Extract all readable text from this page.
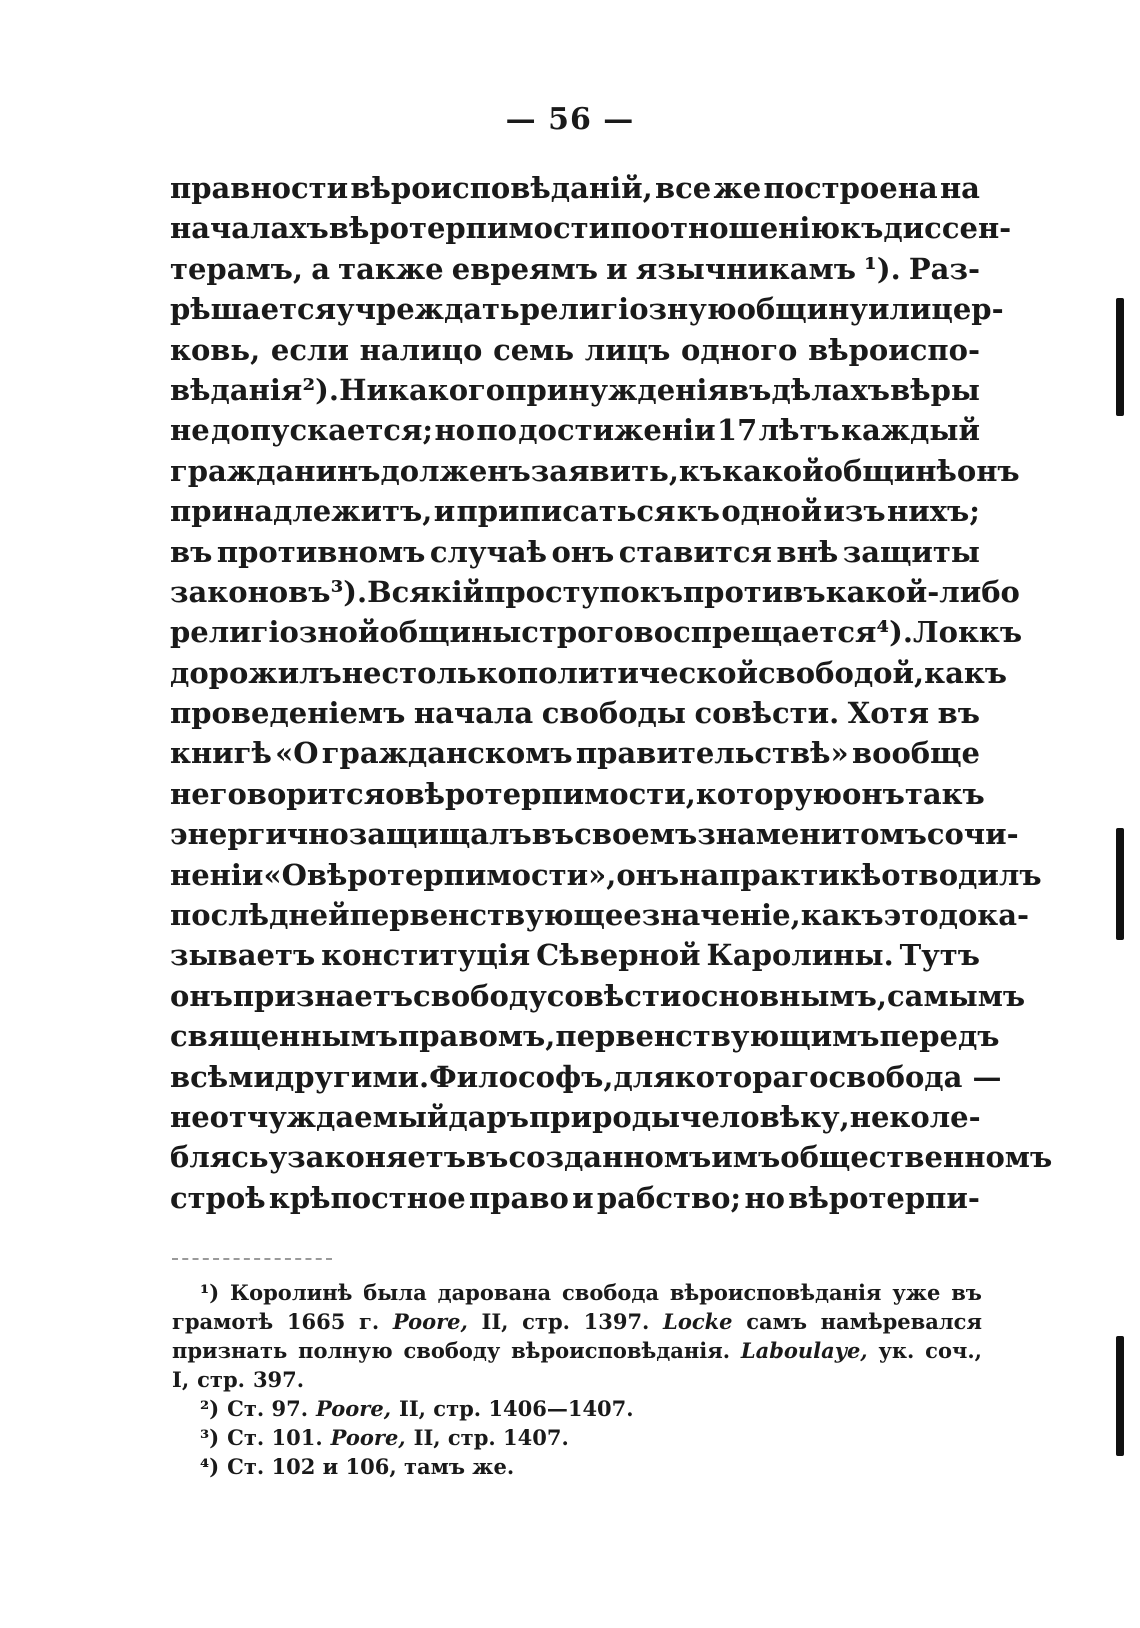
— 56 —
правности вѣроисповѣданій, все же построена на
началахъ вѣротерпимости по отношенію къ диссен-
терамъ, а также евреямъ и язычникамъ ¹). Раз-
рѣшается учреждать религіозную общину или цер-
ковь, если налицо семь лицъ одного вѣроиспо-
вѣданія ²). Никакого принужденія въ дѣлахъ вѣры
не допускается; но по достиженіи 17 лѣтъ каждый
гражданинъ долженъ заявить, къ какой общинѣ онъ
принадлежитъ, и приписаться къ одной изъ нихъ;
въ противномъ случаѣ онъ ставится внѣ защиты
законовъ ³). Всякій проступокъ противъ какой-либо
религіозной общины строго воспрещается ⁴). Локкъ
дорожилъ не столько политической свободой, какъ
проведеніемъ начала свободы совѣсти. Хотя въ
книгѣ «О гражданскомъ правительствѣ» вообще
не говорится о вѣротерпимости, которую онъ такъ
энергично защищалъ въ своемъ знаменитомъ сочи-
неніи «О вѣротерпимости», онъ на практикѣ отводилъ
послѣдней первенствующее значеніе, какъ это дока-
зываетъ конституція Сѣверной Каролины. Тутъ
онъ признаетъ свободу совѣсти основнымъ, самымъ
священнымъ правомъ, первенствующимъ передъ
всѣми другими. Философъ, для котораго свобода —
неотчуждаемый даръ природы человѣку, не коле-
блясь узаконяетъ въ созданномъ имъ общественномъ
строѣ крѣпостное право и рабство; но вѣротерпи-
¹) Королинѣ была дарована свобода вѣроисповѣданія уже въ
грамотѣ 1665 г. Poore, II, стр. 1397. Locke самъ намѣревался
признать полную свободу вѣроисповѣданія. Laboulaye, ук. соч.,
I, стр. 397.
²) Ст. 97. Poore, II, стр. 1406—1407.
³) Ст. 101. Poore, II, стр. 1407.
⁴) Ст. 102 и 106, тамъ же.
